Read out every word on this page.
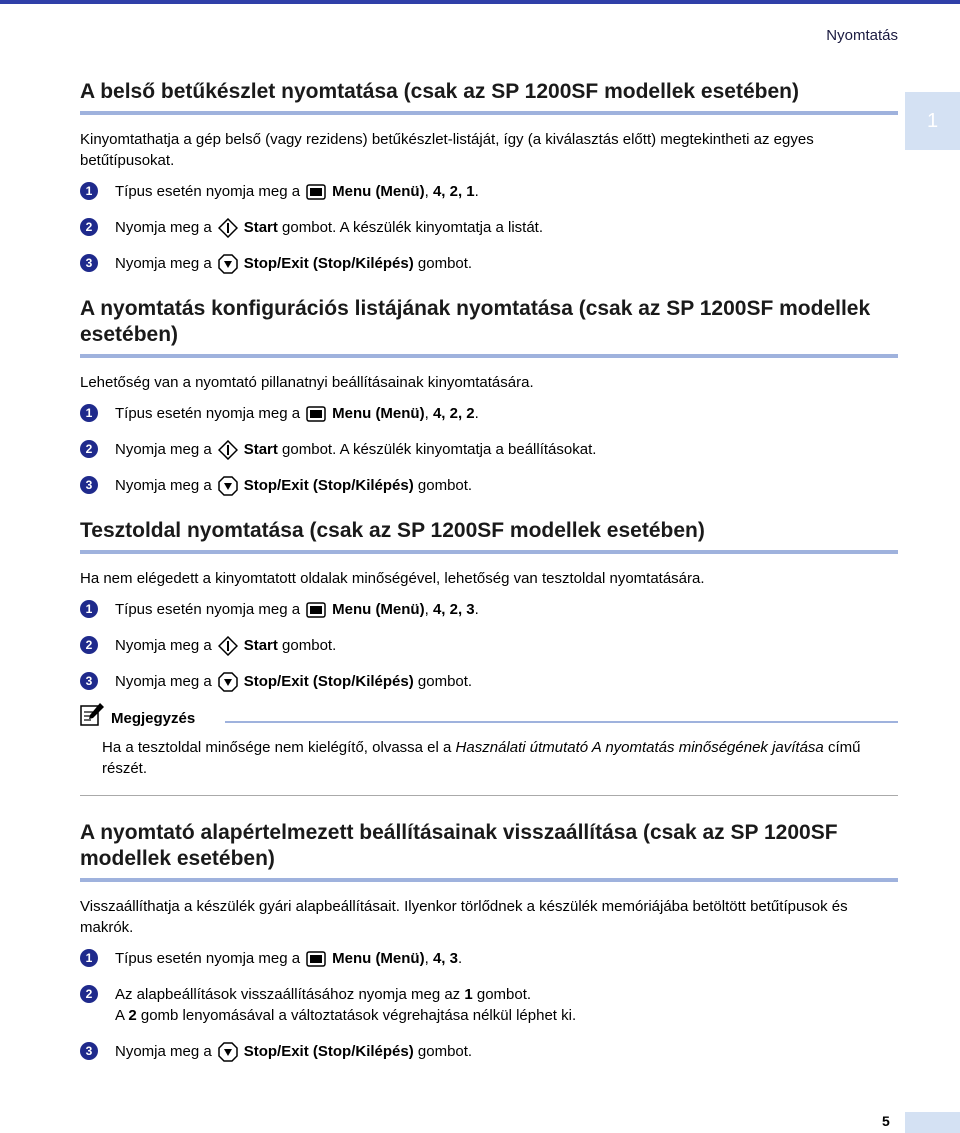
Nyomtatás
1
A belső betűkészlet nyomtatása (csak az SP 1200SF modellek esetében)

Kinyomtathatja a gép belső (vagy rezidens) betűkészlet-listáját, így (a kiválasztás előtt) megtekintheti az egyes betűtípusokat.

1	Típus esetén nyomja meg a Menu (Menü), 4, 2, 1.
2	Nyomja meg a Start gombot. A készülék kinyomtatja a listát.
3	Nyomja meg a Stop/Exit (Stop/Kilépés) gombot.
A nyomtatás konfigurációs listájának nyomtatása (csak az SP 1200SF modellek esetében)

Lehetőség van a nyomtató pillanatnyi beállításainak kinyomtatására.

1	Típus esetén nyomja meg a Menu (Menü), 4, 2, 2.
2	Nyomja meg a Start gombot. A készülék kinyomtatja a beállításokat.
3	Nyomja meg a Stop/Exit (Stop/Kilépés) gombot.
Tesztoldal nyomtatása (csak az SP 1200SF modellek esetében)

Ha nem elégedett a kinyomtatott oldalak minőségével, lehetőség van tesztoldal nyomtatására.

1	Típus esetén nyomja meg a Menu (Menü), 4, 2, 3.
2	Nyomja meg a Start gombot.
3	Nyomja meg a Stop/Exit (Stop/Kilépés) gombot.
Megjegyzés

Ha a tesztoldal minősége nem kielégítő, olvassa el a Használati útmutató A nyomtatás minőségének javítása című részét.

A nyomtató alapértelmezett beállításainak visszaállítása (csak az SP 1200SF modellek esetében)

Visszaállíthatja a készülék gyári alapbeállításait. Ilyenkor törlődnek a készülék memóriájába betöltött betűtípusok és makrók.

1	Típus esetén nyomja meg a Menu (Menü), 4, 3.
2	Az alapbeállítások visszaállításához nyomja meg az 1 gombot.
A 2 gomb lenyomásával a változtatások végrehajtása nélkül léphet ki.
3	Nyomja meg a Stop/Exit (Stop/Kilépés) gombot.
5
